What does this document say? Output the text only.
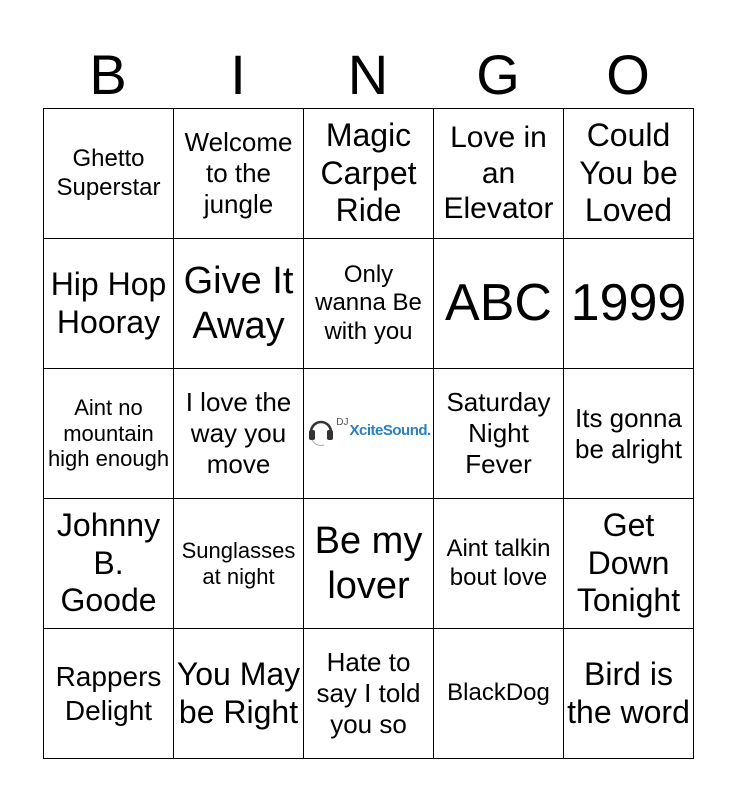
B	I	N	G	O
Ghetto Superstar	Welcome to the jungle	Magic Carpet Ride	Love in an Elevator	Could You be Loved
Hip Hop Hooray	Give It Away	Only wanna Be with you	ABC	1999
Aint no mountain high enough	I love the way you move	DJ XciteSound.	Saturday Night Fever	Its gonna be alright
Johnny B. Goode	Sunglasses at night	Be my lover	Aint talkin bout love	Get Down Tonight
Rappers Delight	You May be Right	Hate to say I told you so	BlackDog	Bird is the word
